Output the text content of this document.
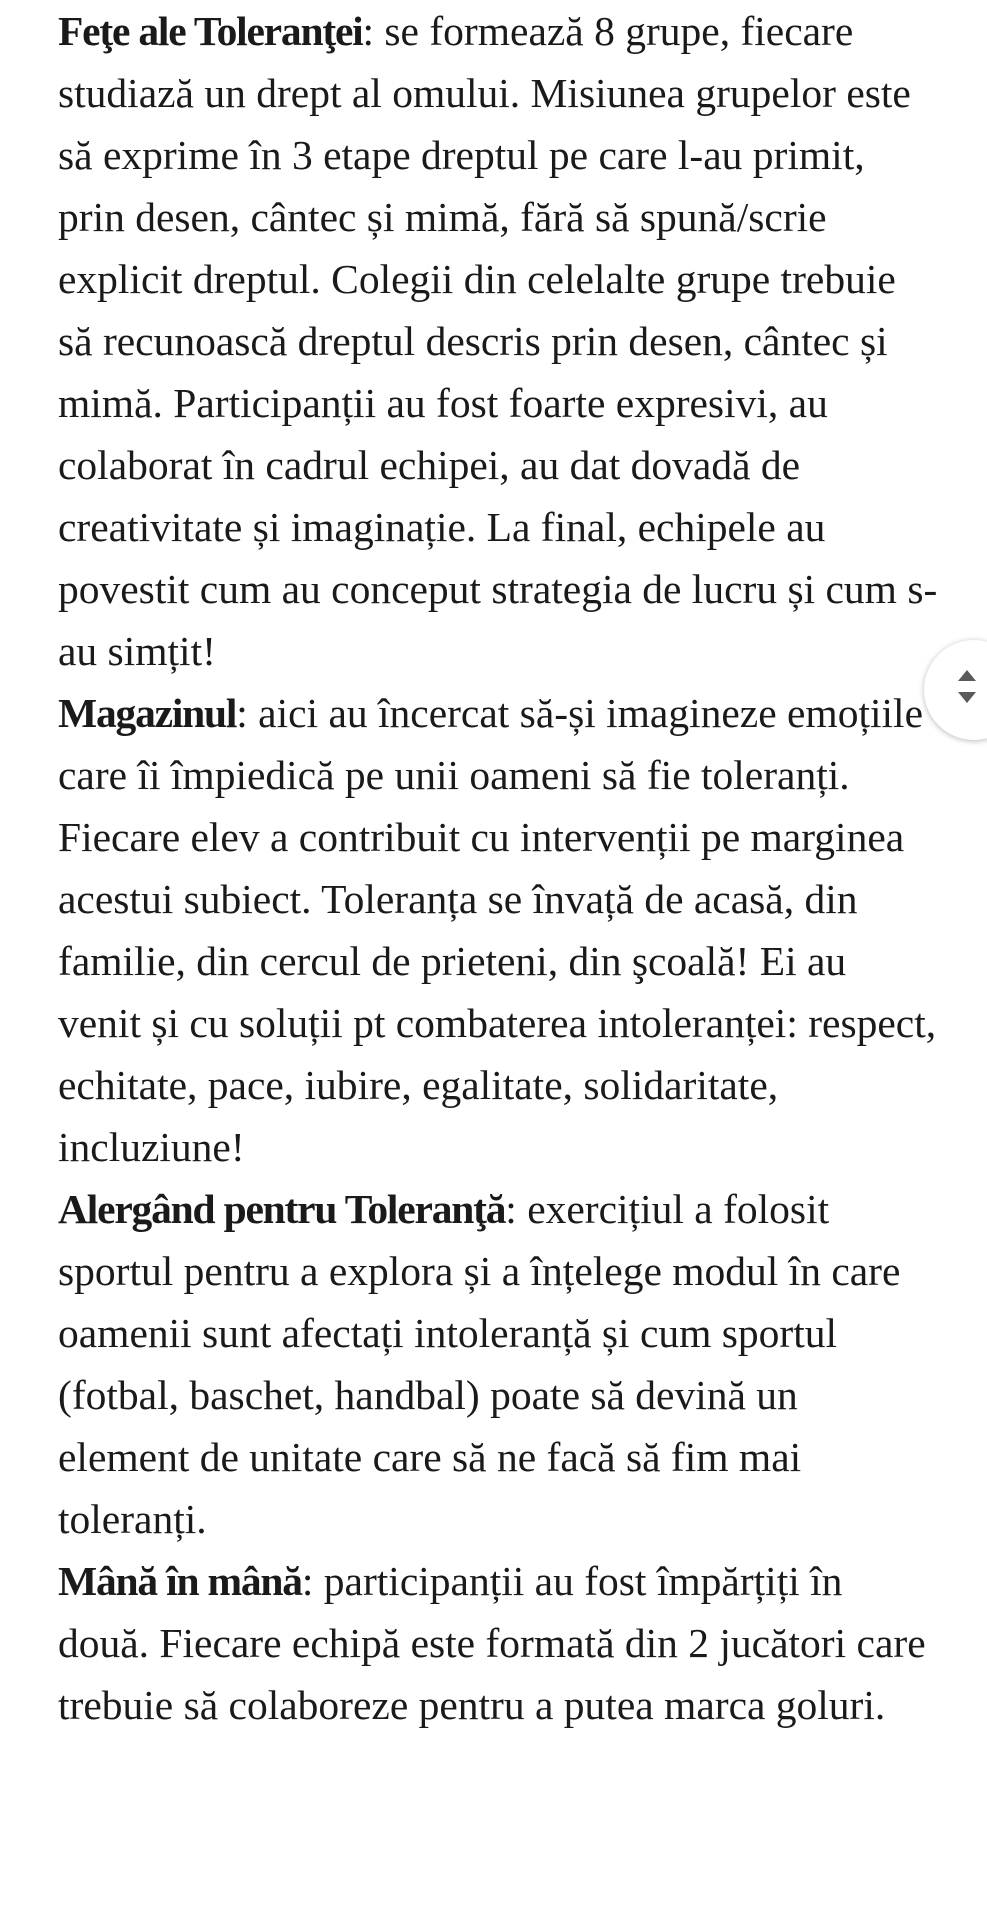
Feţe ale Toleranţei: se formează 8 grupe, fiecare studiază un drept al omului. Misiunea grupelor este să exprime în 3 etape dreptul pe care l-au primit, prin desen, cântec și mimă, fără să spună/scrie explicit dreptul. Colegii din celelalte grupe trebuie să recunoască dreptul descris prin desen, cântec și mimă. Participanții au fost foarte expresivi, au colaborat în cadrul echipei, au dat dovadă de creativitate și imaginație. La final, echipele au povestit cum au conceput strategia de lucru și cum s-au simțit!

Magazinul: aici au încercat să-și imagineze emoțiile care îi împiedică pe unii oameni să fie toleranți. Fiecare elev a contribuit cu intervenții pe marginea acestui subiect. Toleranța se învață de acasă, din familie, din cercul de prieteni, din şcoală! Ei au venit și cu soluții pt combaterea intoleranței: respect, echitate, pace, iubire, egalitate, solidaritate, incluziune!

Alergând pentru Toleranţă: exercițiul a folosit sportul pentru a explora și a înțelege modul în care oamenii sunt afectați intoleranță și cum sportul (fotbal, baschet, handbal) poate să devină un element de unitate care să ne facă să fim mai toleranți.

Mână în mână: participanții au fost împărțiți în două. Fiecare echipă este formată din 2 jucători care trebuie să colaboreze pentru a putea marca goluri.
